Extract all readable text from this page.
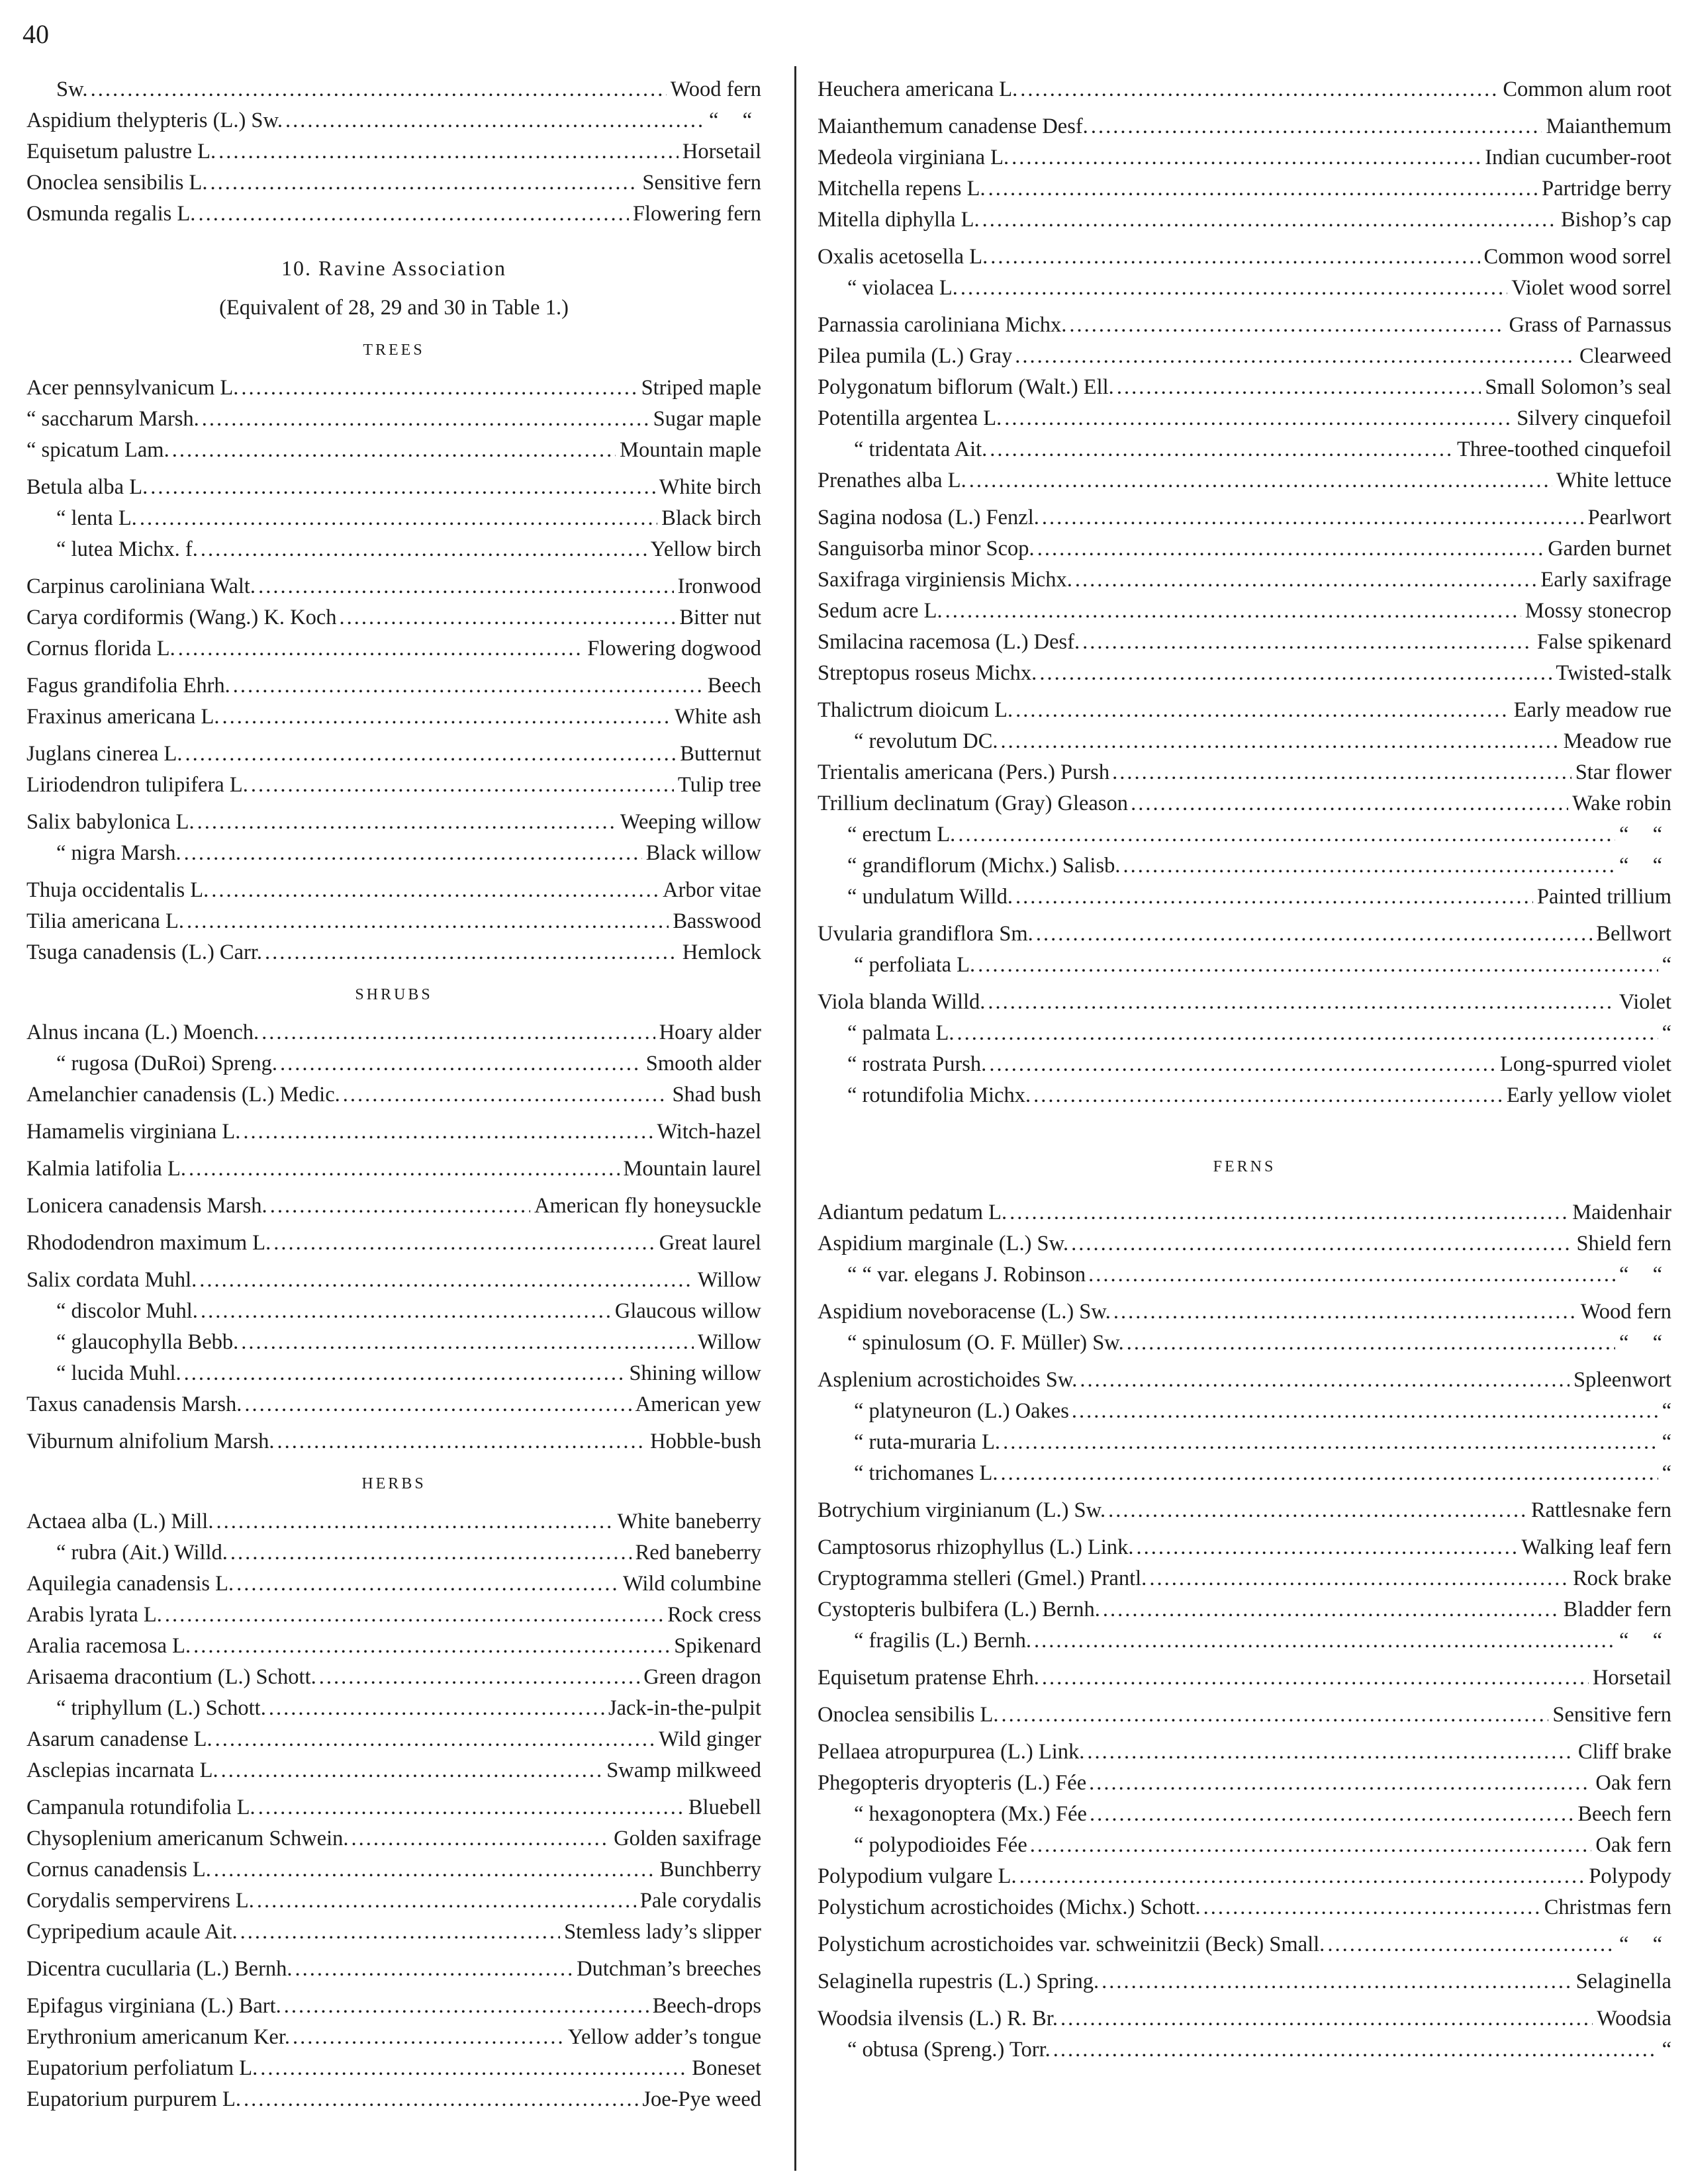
40
Sw. .....	Wood fern
Aspidium thelypteris (L.) Sw. .....	“ “
Equisetum palustre L. .....	Horsetail
Onoclea sensibilis L. .....	Sensitive fern
Osmunda regalis L. .....	Flowering fern
10. Ravine Association
(Equivalent of 28, 29 and 30 in Table 1.)
TREES
Acer pennsylvanicum L. .....	Striped maple
“ saccharum Marsh. .....	Sugar maple
“ spicatum Lam. .....	Mountain maple
Betula alba L. .....	White birch
“ lenta L. .....	Black birch
“ lutea Michx. f. .....	Yellow birch
Carpinus caroliniana Walt. .....	Ironwood
Carya cordiformis (Wang.) K. Koch .....	Bitter nut
Cornus florida L. .....	Flowering dogwood
Fagus grandifolia Ehrh. .....	Beech
Fraxinus americana L. .....	White ash
Juglans cinerea L. .....	Butternut
Liriodendron tulipifera L. .....	Tulip tree
Salix babylonica L. .....	Weeping willow
“ nigra Marsh. .....	Black willow
Thuja occidentalis L. .....	Arbor vitae
Tilia americana L. .....	Basswood
Tsuga canadensis (L.) Carr. .....	Hemlock
SHRUBS
Alnus incana (L.) Moench. .....	Hoary alder
“ rugosa (DuRoi) Spreng. .....	Smooth alder
Amelanchier canadensis (L.) Medic. .....	Shad bush
Hamamelis virginiana L. .....	Witch-hazel
Kalmia latifolia L. .....	Mountain laurel
Lonicera canadensis Marsh. .....	American fly honeysuckle
Rhododendron maximum L. .....	Great laurel
Salix cordata Muhl. .....	Willow
“ discolor Muhl. .....	Glaucous willow
“ glaucophylla Bebb. .....	Willow
“ lucida Muhl. .....	Shining willow
Taxus canadensis Marsh. .....	American yew
Viburnum alnifolium Marsh. .....	Hobble-bush
HERBS
Actaea alba (L.) Mill. .....	White baneberry
“ rubra (Ait.) Willd. .....	Red baneberry
Aquilegia canadensis L. .....	Wild columbine
Arabis lyrata L. .....	Rock cress
Aralia racemosa L. .....	Spikenard
Arisaema dracontium (L.) Schott. .....	Green dragon
“ triphyllum (L.) Schott. .....	Jack-in-the-pulpit
Asarum canadense L. .....	Wild ginger
Asclepias incarnata L. .....	Swamp milkweed
Campanula rotundifolia L. .....	Bluebell
Chysoplenium americanum Schwein. .....	Golden saxifrage
Cornus canadensis L. .....	Bunchberry
Corydalis sempervirens L. .....	Pale corydalis
Cypripedium acaule Ait. .....	Stemless lady’s slipper
Dicentra cucullaria (L.) Bernh. .....	Dutchman’s breeches
Epifagus virginiana (L.) Bart. .....	Beech-drops
Erythronium americanum Ker. .....	Yellow adder’s tongue
Eupatorium perfoliatum L. .....	Boneset
Eupatorium purpurem L. .....	Joe-Pye weed
Heuchera americana L. .....	Common alum root
Maianthemum canadense Desf. .....	Maianthemum
Medeola virginiana L. .....	Indian cucumber-root
Mitchella repens L. .....	Partridge berry
Mitella diphylla L. .....	Bishop’s cap
Oxalis acetosella L. .....	Common wood sorrel
“ violacea L. .....	Violet wood sorrel
Parnassia caroliniana Michx. .....	Grass of Parnassus
Pilea pumila (L.) Gray .....	Clearweed
Polygonatum biflorum (Walt.) Ell. .....	Small Solomon’s seal
Potentilla argentea L. .....	Silvery cinquefoil
“ tridentata Ait. .....	Three-toothed cinquefoil
Prenathes alba L. .....	White lettuce
Sagina nodosa (L.) Fenzl. .....	Pearlwort
Sanguisorba minor Scop. .....	Garden burnet
Saxifraga virginiensis Michx. .....	Early saxifrage
Sedum acre L. .....	Mossy stonecrop
Smilacina racemosa (L.) Desf. .....	False spikenard
Streptopus roseus Michx. .....	Twisted-stalk
Thalictrum dioicum L. .....	Early meadow rue
“ revolutum DC. .....	Meadow rue
Trientalis americana (Pers.) Pursh .....	Star flower
Trillium declinatum (Gray) Gleason .....	Wake robin
“ erectum L. .....	“ “
“ grandiflorum (Michx.) Salisb. .....	“ “
“ undulatum Willd. .....	Painted trillium
Uvularia grandiflora Sm. .....	Bellwort
“ perfoliata L. .....	“
Viola blanda Willd. .....	Violet
“ palmata L. .....	“
“ rostrata Pursh. .....	Long-spurred violet
“ rotundifolia Michx. .....	Early yellow violet
FERNS
Adiantum pedatum L. .....	Maidenhair
Aspidium marginale (L.) Sw. .....	Shield fern
“ “ var. elegans J. Robinson .....	“ “
Aspidium noveboracense (L.) Sw. .....	Wood fern
“ spinulosum (O. F. Müller) Sw. .....	“ “
Asplenium acrostichoides Sw. .....	Spleenwort
“ platyneuron (L.) Oakes .....	“
“ ruta-muraria L. .....	“
“ trichomanes L. .....	“
Botrychium virginianum (L.) Sw. .....	Rattlesnake fern
Camptosorus rhizophyllus (L.) Link. .....	Walking leaf fern
Cryptogramma stelleri (Gmel.) Prantl. .....	Rock brake
Cystopteris bulbifera (L.) Bernh. .....	Bladder fern
“ fragilis (L.) Bernh. .....	“ “
Equisetum pratense Ehrh. .....	Horsetail
Onoclea sensibilis L. .....	Sensitive fern
Pellaea atropurpurea (L.) Link. .....	Cliff brake
Phegopteris dryopteris (L.) Fée .....	Oak fern
“ hexagonoptera (Mx.) Fée .....	Beech fern
“ polypodioides Fée .....	Oak fern
Polypodium vulgare L. .....	Polypody
Polystichum acrostichoides (Michx.) Schott. .....	Christmas fern
Polystichum acrostichoides var. schweinitzii (Beck) Small. .....	“ “
Selaginella rupestris (L.) Spring. .....	Selaginella
Woodsia ilvensis (L.) R. Br. .....	Woodsia
“ obtusa (Spreng.) Torr. .....	“
